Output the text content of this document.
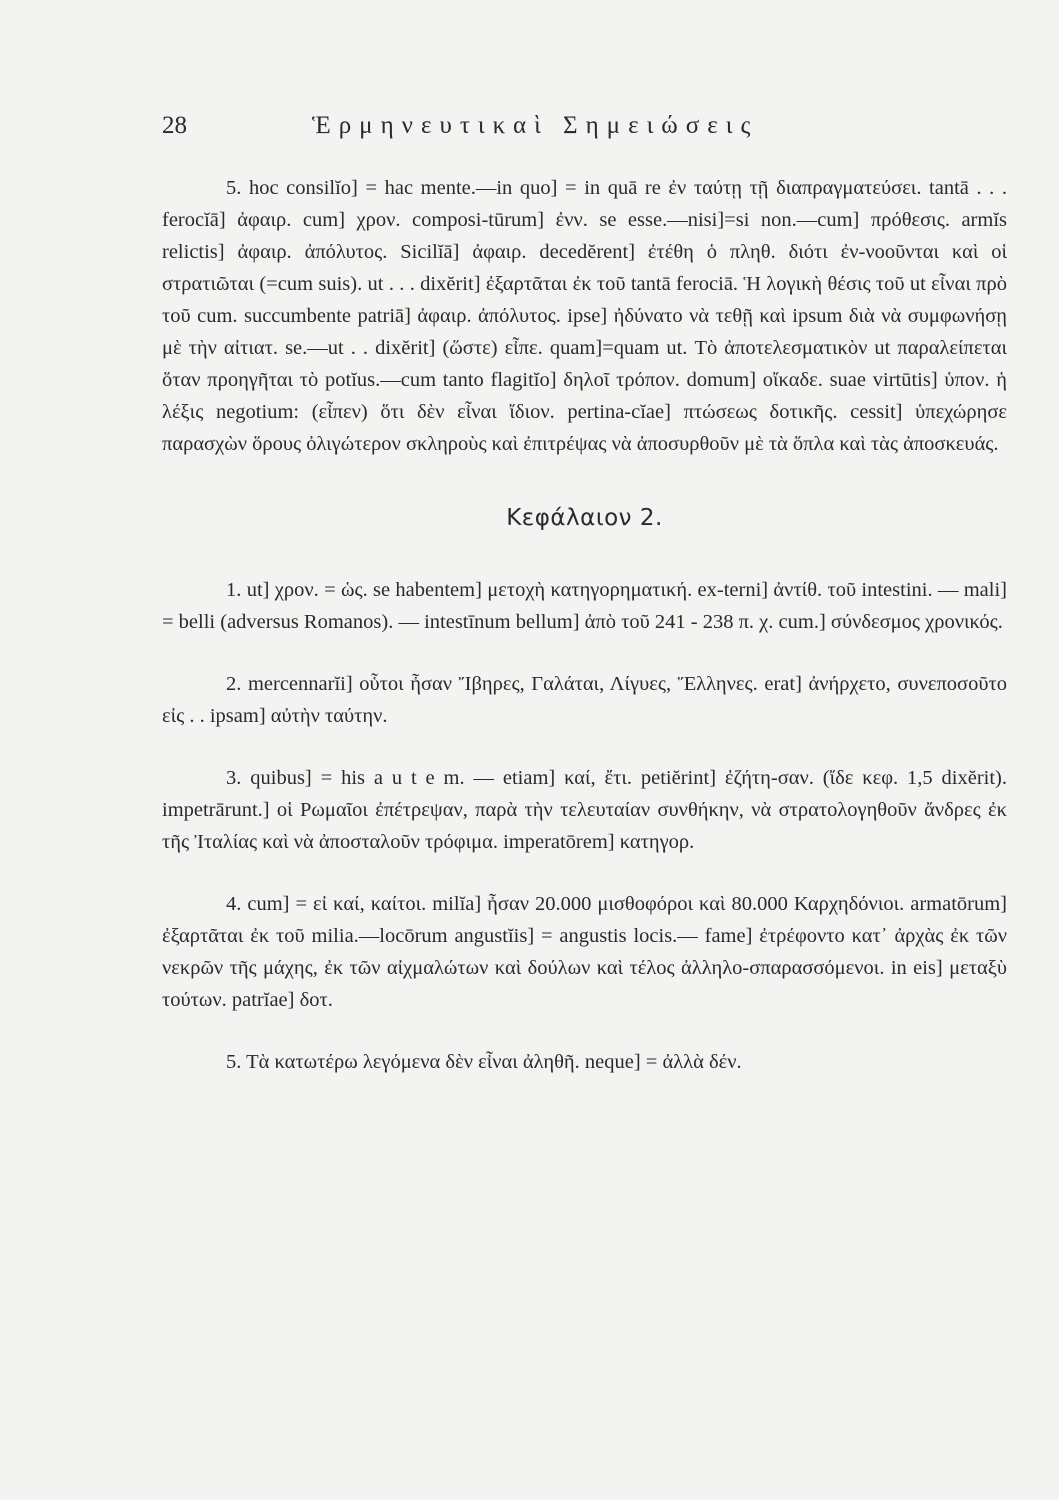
28	Ἑρμηνευτικαὶ Σημειώσεις

5. hoc consilĭo] = hac mente.—in quo] = in quā re ἐν ταύτῃ τῇ διαπραγματεύσει. tantā . . . ferocĭā] ἀφαιρ. cum] χρον. composi-tūrum] ἐνν. se esse.—nisi]=si non.—cum] πρόθεσις. armĭs relictis] ἀφαιρ. ἀπόλυτος. Sicilĭā] ἀφαιρ. decedĕrent] ἐτέθη ὁ πληθ. διότι ἐν-νοοῦνται καὶ οἱ στρατιῶται (=cum suis). ut . . . dixĕrit] ἐξαρτᾶται ἐκ τοῦ tantā ferociā. Ἡ λογικὴ θέσις τοῦ ut εἶναι πρὸ τοῦ cum. succumbente patriā] ἀφαιρ. ἀπόλυτος. ipse] ἠδύνατο νὰ τεθῇ καὶ ipsum διὰ νὰ συμφωνήσῃ μὲ τὴν αἰτιατ. se.—ut . . dixĕrit] (ὥστε) εἶπε. quam]=quam ut. Τὸ ἀποτελεσματικὸν ut παραλείπεται ὅταν προηγῆται τὸ potĭus.—cum tanto flagitĭo] δηλοῖ τρόπον. domum] οἴκαδε. suae virtūtis] ὑπον. ἡ λέξις negotium: (εἶπεν) ὅτι δὲν εἶναι ἴδιον. pertina-cĭae] πτώσεως δοτικῆς. cessit] ὑπεχώρησε παρασχὼν ὅρους ὀλιγώτερον σκληροὺς καὶ ἐπιτρέψας νὰ ἀποσυρθοῦν μὲ τὰ ὅπλα καὶ τὰς ἀποσκευάς.

Κεφάλαιον 2.

1. ut] χρον. = ὡς. se habentem] μετοχὴ κατηγορηματική. ex-terni] ἀντίθ. τοῦ intestini. — mali] = belli (adversus Romanos). — intestīnum bellum] ἀπὸ τοῦ 241 - 238 π. χ. cum.] σύνδεσμος χρονικός.

2. mercennarĭi] οὗτοι ἦσαν Ἴβηρες, Γαλάται, Λίγυες, Ἕλληνες. erat] ἀνήρχετο, συνεποσοῦτο εἰς . . ipsam] αὐτὴν ταύτην.

3. quibus] = his a u t e m. — etiam] καί, ἔτι. petiĕrint] ἐζήτη-σαν. (ἴδε κεφ. 1,5 dixĕrit). impetrārunt.] οἱ Ρωμαῖοι ἐπέτρεψαν, παρὰ τὴν τελευταίαν συνθήκην, νὰ στρατολογηθοῦν ἄνδρες ἐκ τῆς Ἰταλίας καὶ νὰ ἀποσταλοῦν τρόφιμα. imperatōrem] κατηγορ.

4. cum] = εἰ καί, καίτοι. milĭa] ἦσαν 20.000 μισθοφόροι καὶ 80.000 Καρχηδόνιοι. armatōrum] ἐξαρτᾶται ἐκ τοῦ milia.—locōrum angustĭis] = angustis locis.— fame] ἐτρέφοντο κατ᾽ ἀρχὰς ἐκ τῶν νεκρῶν τῆς μάχης, ἐκ τῶν αἰχμαλώτων καὶ δούλων καὶ τέλος ἀλληλο-σπαρασσόμενοι. in eis] μεταξὺ τούτων. patrĭae] δοτ.

5. Τὰ κατωτέρω λεγόμενα δὲν εἶναι ἀληθῆ. neque] = ἀλλὰ δέν.
